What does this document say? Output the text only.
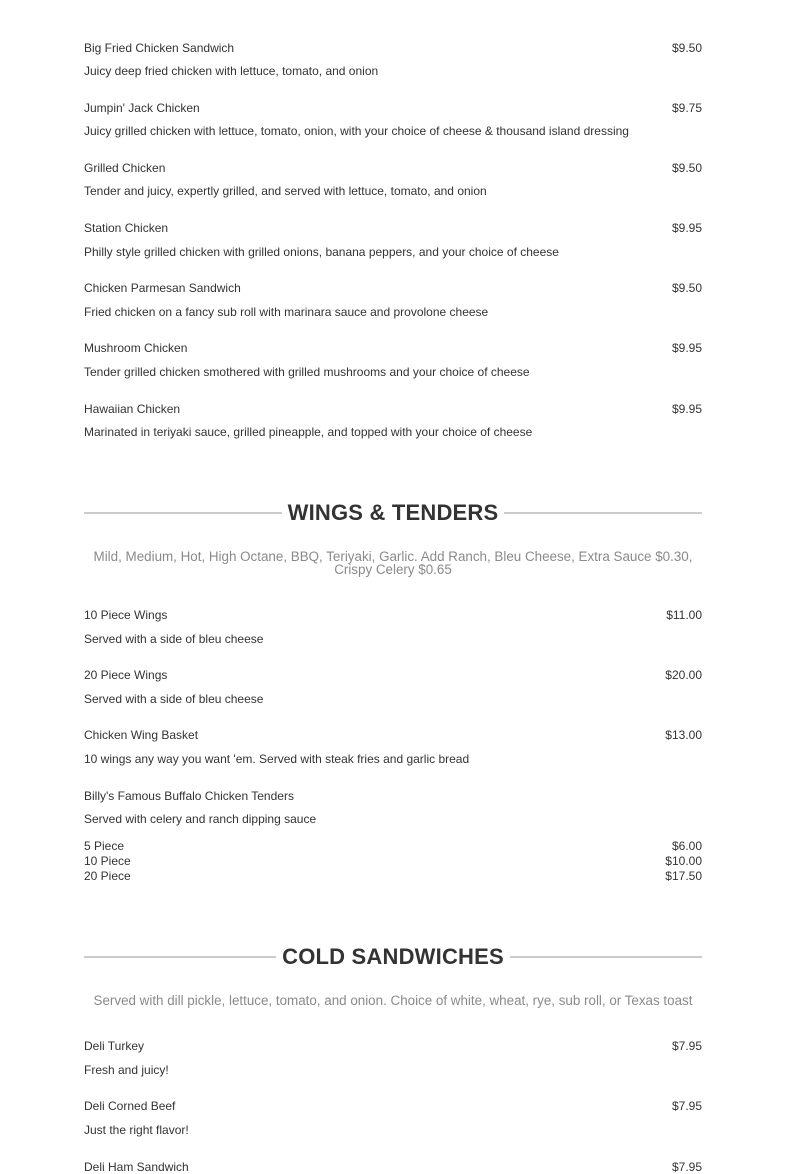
Big Fried Chicken Sandwich	$9.50
Juicy deep fried chicken with lettuce, tomato, and onion
Jumpin' Jack Chicken	$9.75
Juicy grilled chicken with lettuce, tomato, onion, with your choice of cheese & thousand island dressing
Grilled Chicken	$9.50
Tender and juicy, expertly grilled, and served with lettuce, tomato, and onion
Station Chicken	$9.95
Philly style grilled chicken with grilled onions, banana peppers, and your choice of cheese
Chicken Parmesan Sandwich	$9.50
Fried chicken on a fancy sub roll with marinara sauce and provolone cheese
Mushroom Chicken	$9.95
Tender grilled chicken smothered with grilled mushrooms and your choice of cheese
Hawaiian Chicken	$9.95
Marinated in teriyaki sauce, grilled pineapple, and topped with your choice of cheese
WINGS & TENDERS
Mild, Medium, Hot, High Octane, BBQ, Teriyaki, Garlic. Add Ranch, Bleu Cheese, Extra Sauce $0.30, Crispy Celery $0.65
10 Piece Wings	$11.00
Served with a side of bleu cheese
20 Piece Wings	$20.00
Served with a side of bleu cheese
Chicken Wing Basket	$13.00
10 wings any way you want 'em. Served with steak fries and garlic bread
Billy's Famous Buffalo Chicken Tenders
Served with celery and ranch dipping sauce
5 Piece	$6.00
10 Piece	$10.00
20 Piece	$17.50
COLD SANDWICHES
Served with dill pickle, lettuce, tomato, and onion. Choice of white, wheat, rye, sub roll, or Texas toast
Deli Turkey	$7.95
Fresh and juicy!
Deli Corned Beef	$7.95
Just the right flavor!
Deli Ham Sandwich	$7.95
